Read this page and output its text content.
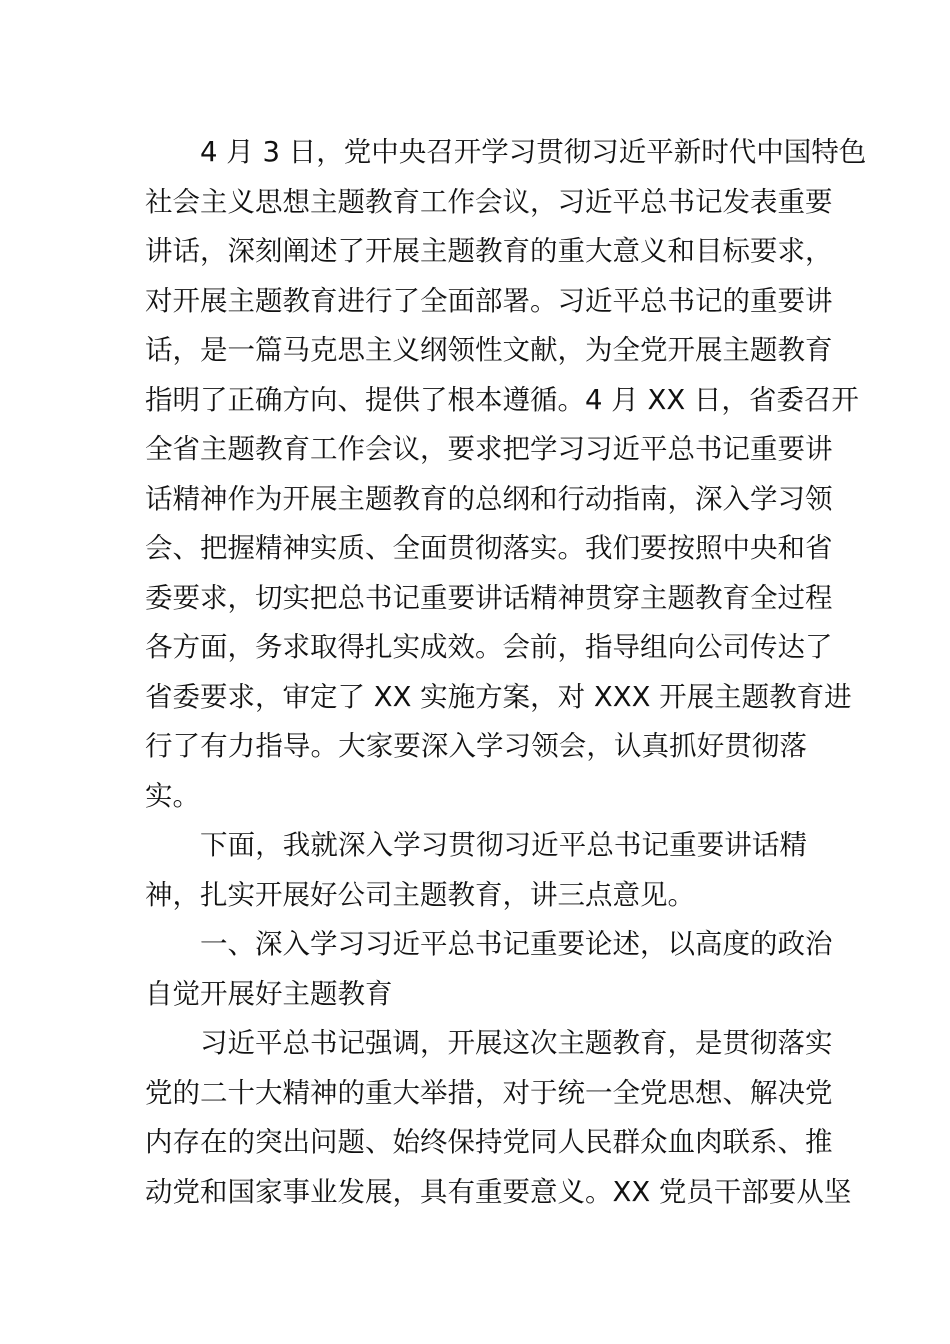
4 月 3 日，党中央召开学习贯彻习近平新时代中国特色
社会主义思想主题教育工作会议，习近平总书记发表重要
讲话，深刻阐述了开展主题教育的重大意义和目标要求，
对开展主题教育进行了全面部署。习近平总书记的重要讲
话，是一篇马克思主义纲领性文献，为全党开展主题教育
指明了正确方向、提供了根本遵循。4 月 XX 日，省委召开
全省主题教育工作会议，要求把学习习近平总书记重要讲
话精神作为开展主题教育的总纲和行动指南，深入学习领
会、把握精神实质、全面贯彻落实。我们要按照中央和省
委要求，切实把总书记重要讲话精神贯穿主题教育全过程
各方面，务求取得扎实成效。会前，指导组向公司传达了
省委要求，审定了 XX 实施方案，对 XXX 开展主题教育进
行了有力指导。大家要深入学习领会，认真抓好贯彻落
实。
下面，我就深入学习贯彻习近平总书记重要讲话精
神，扎实开展好公司主题教育，讲三点意见。
一、深入学习习近平总书记重要论述，以高度的政治
自觉开展好主题教育
习近平总书记强调，开展这次主题教育，是贯彻落实
党的二十大精神的重大举措，对于统一全党思想、解决党
内存在的突出问题、始终保持党同人民群众血肉联系、推
动党和国家事业发展，具有重要意义。XX 党员干部要从坚
